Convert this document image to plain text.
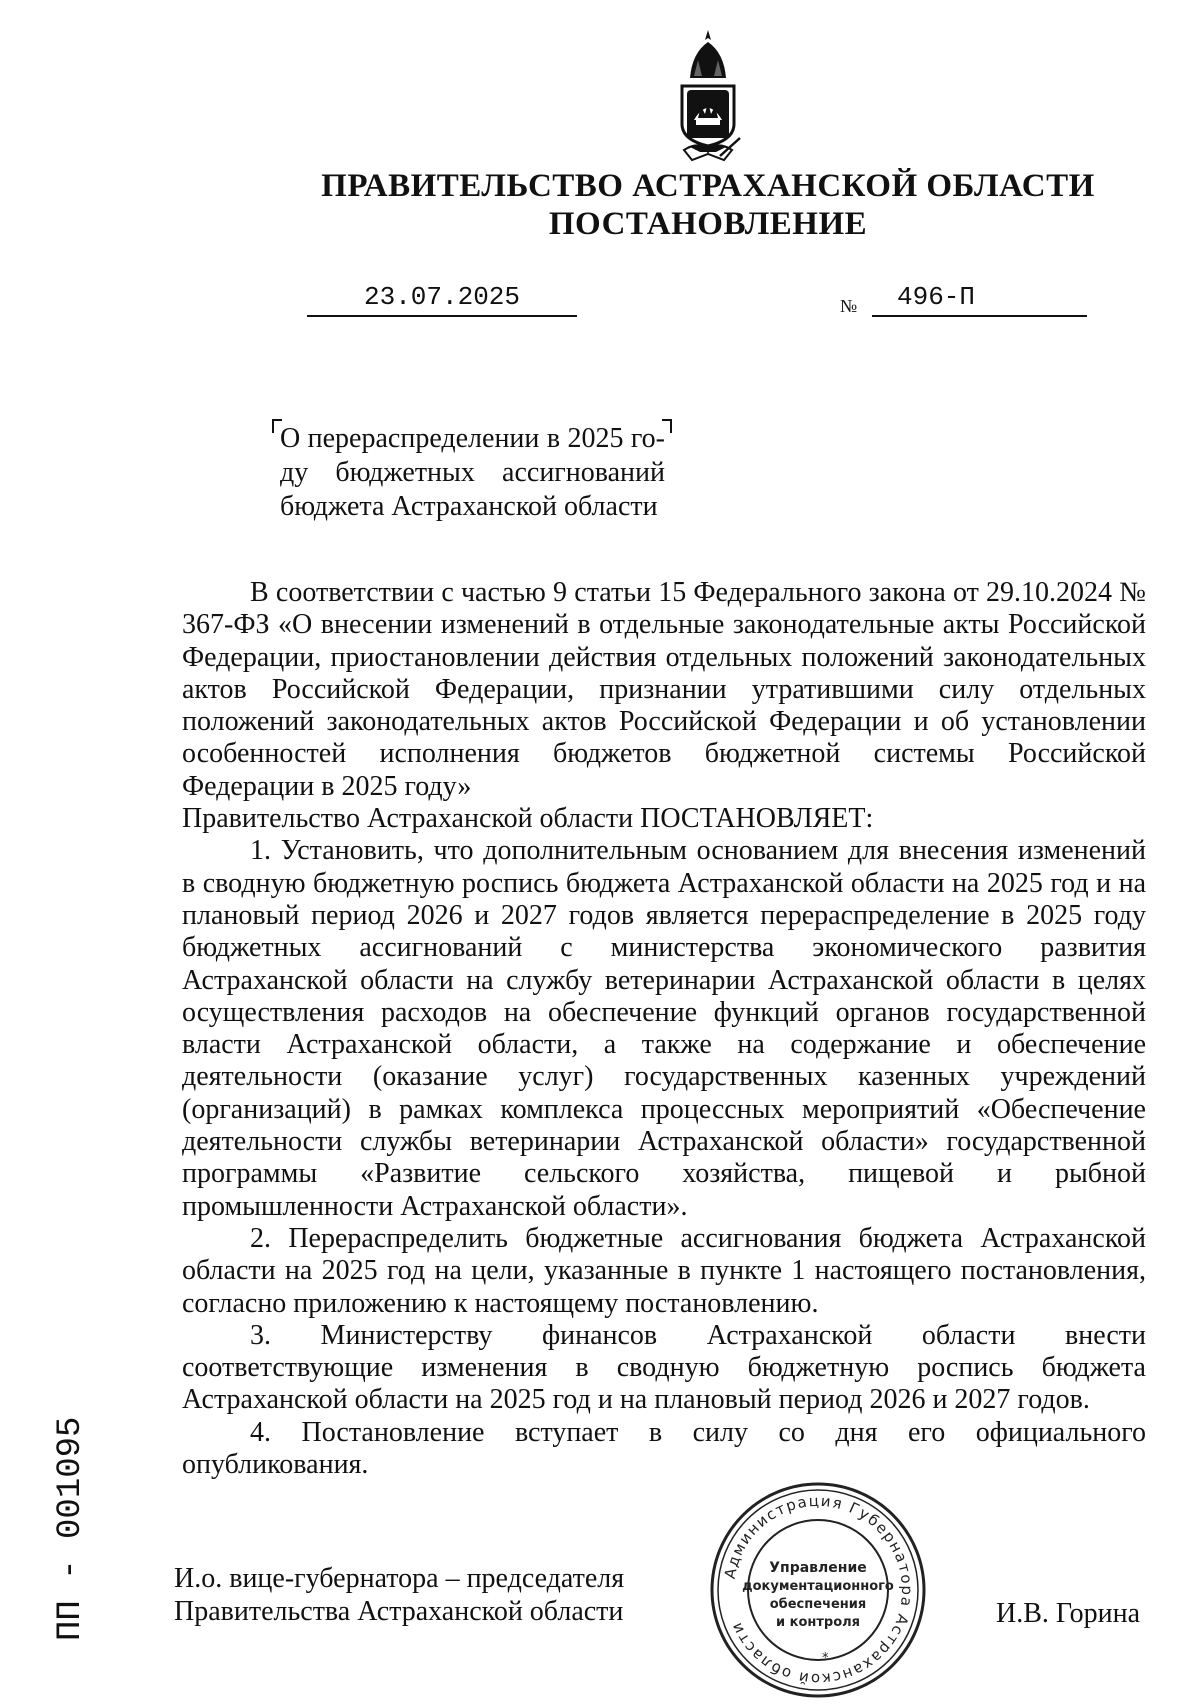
ПРАВИТЕЛЬСТВО АСТРАХАНСКОЙ ОБЛАСТИ
ПОСТАНОВЛЕНИЕ
23.07.2025	№	496-П

О перераспределении в 2025 го-

ду бюджетных ассигнований

бюджета Астраханской области

В соответствии с частью 9 статьи 15 Федерального закона от 29.10.2024 № 367-ФЗ «О внесении изменений в отдельные законодательные акты Российской Федерации, приостановлении действия отдельных положений законодательных актов Российской Федерации, признании утратившими силу отдельных положений законодательных актов Российской Федерации и об установлении особенностей исполнения бюджетов бюджетной системы Российской Федерации в 2025 году»

Правительство Астраханской области ПОСТАНОВЛЯЕТ:

1. Установить, что дополнительным основанием для внесения изменений в сводную бюджетную роспись бюджета Астраханской области на 2025 год и на плановый период 2026 и 2027 годов является перераспределение в 2025 году бюджетных ассигнований с министерства экономического развития Астраханской области на службу ветеринарии Астраханской области в целях осуществления расходов на обеспечение функций органов государственной власти Астраханской области, а также на содержание и обеспечение деятельности (оказание услуг) государственных казенных учреждений (организаций) в рамках комплекса процессных мероприятий «Обеспечение деятельности службы ветеринарии Астраханской области» государственной программы «Развитие сельского хозяйства, пищевой и рыбной промышленности Астраханской области».

2. Перераспределить бюджетные ассигнования бюджета Астраханской области на 2025 год на цели, указанные в пункте 1 настоящего постановления, согласно приложению к настоящему постановлению.

3. Министерству финансов Астраханской области внести соответствующие изменения в сводную бюджетную роспись бюджета Астраханской области на 2025 год и на плановый период 2026 и 2027 годов.

4. Постановление вступает в силу со дня его официального опубликования.

И.о. вице-губернатора – председателя
Правительства Астраханской области	И.В. Горина
Администрация Губернатора Астраханской области
*
Управление
документационного
обеспечения
и контроля
ПП - 001095
